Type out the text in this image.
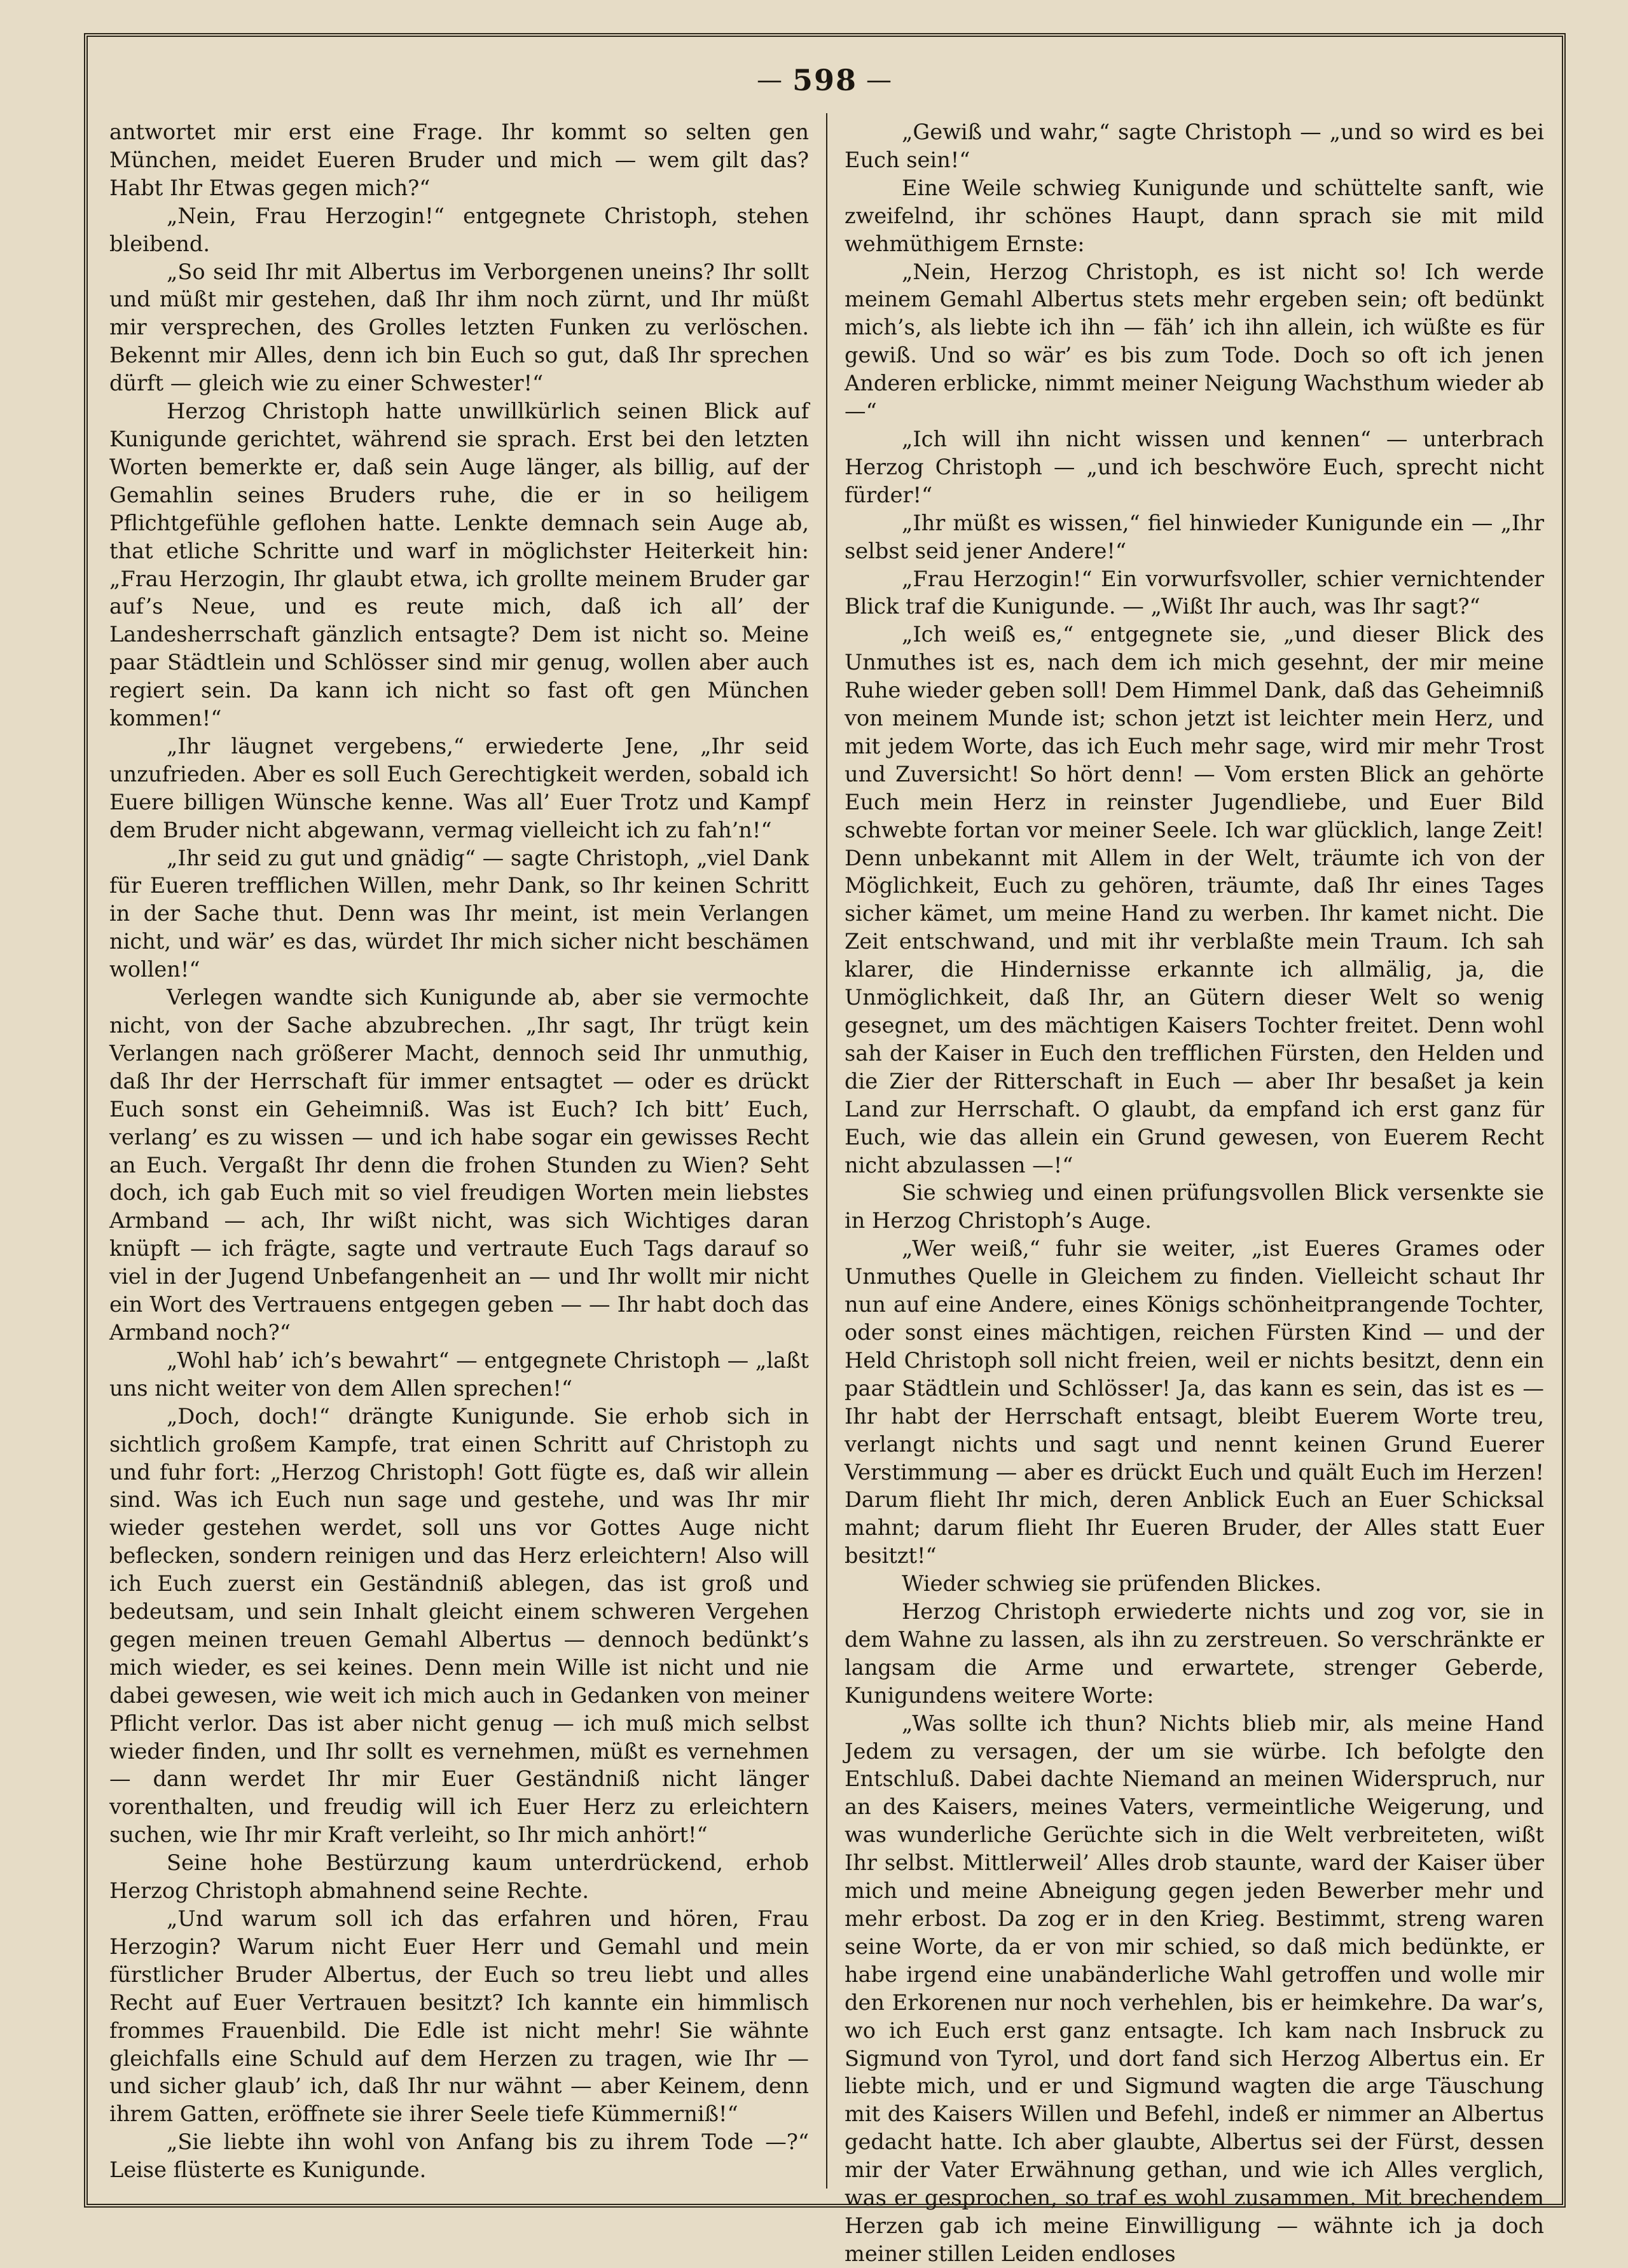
— 598 —

antwortet mir erst eine Frage. Ihr kommt so selten gen München, meidet Eueren Bruder und mich — wem gilt das? Habt Ihr Etwas gegen mich?“

„Nein, Frau Herzogin!“ entgegnete Christoph, stehen bleibend.

„So seid Ihr mit Albertus im Verborgenen uneins? Ihr sollt und müßt mir gestehen, daß Ihr ihm noch zürnt, und Ihr müßt mir versprechen, des Grolles letzten Funken zu verlöschen. Bekennt mir Alles, denn ich bin Euch so gut, daß Ihr sprechen dürft — gleich wie zu einer Schwester!“

Herzog Christoph hatte unwillkürlich seinen Blick auf Kunigunde gerichtet, während sie sprach. Erst bei den letzten Worten bemerkte er, daß sein Auge länger, als billig, auf der Gemahlin seines Bruders ruhe, die er in so heiligem Pflichtgefühle geflohen hatte. Lenkte demnach sein Auge ab, that etliche Schritte und warf in möglichster Heiterkeit hin: „Frau Herzogin, Ihr glaubt etwa, ich grollte meinem Bruder gar auf’s Neue, und es reute mich, daß ich all’ der Landesherrschaft gänzlich entsagte? Dem ist nicht so. Meine paar Städtlein und Schlösser sind mir genug, wollen aber auch regiert sein. Da kann ich nicht so fast oft gen München kommen!“

„Ihr läugnet vergebens,“ erwiederte Jene, „Ihr seid unzufrieden. Aber es soll Euch Gerechtigkeit werden, sobald ich Euere billigen Wünsche kenne. Was all’ Euer Trotz und Kampf dem Bruder nicht abgewann, vermag vielleicht ich zu fah’n!“

„Ihr seid zu gut und gnädig“ — sagte Christoph, „viel Dank für Eueren trefflichen Willen, mehr Dank, so Ihr keinen Schritt in der Sache thut. Denn was Ihr meint, ist mein Verlangen nicht, und wär’ es das, würdet Ihr mich sicher nicht beschämen wollen!“

Verlegen wandte sich Kunigunde ab, aber sie vermochte nicht, von der Sache abzubrechen. „Ihr sagt, Ihr trügt kein Verlangen nach größerer Macht, dennoch seid Ihr unmuthig, daß Ihr der Herrschaft für immer entsagtet — oder es drückt Euch sonst ein Geheimniß. Was ist Euch? Ich bitt’ Euch, verlang’ es zu wissen — und ich habe sogar ein gewisses Recht an Euch. Vergaßt Ihr denn die frohen Stunden zu Wien? Seht doch, ich gab Euch mit so viel freudigen Worten mein liebstes Armband — ach, Ihr wißt nicht, was sich Wichtiges daran knüpft — ich frägte, sagte und vertraute Euch Tags darauf so viel in der Jugend Unbefangenheit an — und Ihr wollt mir nicht ein Wort des Vertrauens entgegen geben — — Ihr habt doch das Armband noch?“

„Wohl hab’ ich’s bewahrt“ — entgegnete Christoph — „laßt uns nicht weiter von dem Allen sprechen!“

„Doch, doch!“ drängte Kunigunde. Sie erhob sich in sichtlich großem Kampfe, trat einen Schritt auf Christoph zu und fuhr fort: „Herzog Christoph! Gott fügte es, daß wir allein sind. Was ich Euch nun sage und gestehe, und was Ihr mir wieder gestehen werdet, soll uns vor Gottes Auge nicht beflecken, sondern reinigen und das Herz erleichtern! Also will ich Euch zuerst ein Geständniß ablegen, das ist groß und bedeutsam, und sein Inhalt gleicht einem schweren Vergehen gegen meinen treuen Gemahl Albertus — dennoch bedünkt’s mich wieder, es sei keines. Denn mein Wille ist nicht und nie dabei gewesen, wie weit ich mich auch in Gedanken von meiner Pflicht verlor. Das ist aber nicht genug — ich muß mich selbst wieder finden, und Ihr sollt es vernehmen, müßt es vernehmen — dann werdet Ihr mir Euer Geständniß nicht länger vorenthalten, und freudig will ich Euer Herz zu erleichtern suchen, wie Ihr mir Kraft verleiht, so Ihr mich anhört!“

Seine hohe Bestürzung kaum unterdrückend, erhob Herzog Christoph abmahnend seine Rechte.

„Und warum soll ich das erfahren und hören, Frau Herzogin? Warum nicht Euer Herr und Gemahl und mein fürstlicher Bruder Albertus, der Euch so treu liebt und alles Recht auf Euer Vertrauen besitzt? Ich kannte ein himmlisch frommes Frauenbild. Die Edle ist nicht mehr! Sie wähnte gleichfalls eine Schuld auf dem Herzen zu tragen, wie Ihr — und sicher glaub’ ich, daß Ihr nur wähnt — aber Keinem, denn ihrem Gatten, eröffnete sie ihrer Seele tiefe Kümmerniß!“

„Sie liebte ihn wohl von Anfang bis zu ihrem Tode —?“ Leise flüsterte es Kunigunde.

„Gewiß und wahr,“ sagte Christoph — „und so wird es bei Euch sein!“

Eine Weile schwieg Kunigunde und schüttelte sanft, wie zweifelnd, ihr schönes Haupt, dann sprach sie mit mild wehmüthigem Ernste:

„Nein, Herzog Christoph, es ist nicht so! Ich werde meinem Gemahl Albertus stets mehr ergeben sein; oft bedünkt mich’s, als liebte ich ihn — fäh’ ich ihn allein, ich wüßte es für gewiß. Und so wär’ es bis zum Tode. Doch so oft ich jenen Anderen erblicke, nimmt meiner Neigung Wachsthum wieder ab —“

„Ich will ihn nicht wissen und kennen“ — unterbrach Herzog Christoph — „und ich beschwöre Euch, sprecht nicht fürder!“

„Ihr müßt es wissen,“ fiel hinwieder Kunigunde ein — „Ihr selbst seid jener Andere!“

„Frau Herzogin!“ Ein vorwurfsvoller, schier vernichtender Blick traf die Kunigunde. — „Wißt Ihr auch, was Ihr sagt?“

„Ich weiß es,“ entgegnete sie, „und dieser Blick des Unmuthes ist es, nach dem ich mich gesehnt, der mir meine Ruhe wieder geben soll! Dem Himmel Dank, daß das Geheimniß von meinem Munde ist; schon jetzt ist leichter mein Herz, und mit jedem Worte, das ich Euch mehr sage, wird mir mehr Trost und Zuversicht! So hört denn! — Vom ersten Blick an gehörte Euch mein Herz in reinster Jugendliebe, und Euer Bild schwebte fortan vor meiner Seele. Ich war glücklich, lange Zeit! Denn unbekannt mit Allem in der Welt, träumte ich von der Möglichkeit, Euch zu gehören, träumte, daß Ihr eines Tages sicher kämet, um meine Hand zu werben. Ihr kamet nicht. Die Zeit entschwand, und mit ihr verblaßte mein Traum. Ich sah klarer, die Hindernisse erkannte ich allmälig, ja, die Unmöglichkeit, daß Ihr, an Gütern dieser Welt so wenig gesegnet, um des mächtigen Kaisers Tochter freitet. Denn wohl sah der Kaiser in Euch den trefflichen Fürsten, den Helden und die Zier der Ritterschaft in Euch — aber Ihr besaßet ja kein Land zur Herrschaft. O glaubt, da empfand ich erst ganz für Euch, wie das allein ein Grund gewesen, von Euerem Recht nicht abzulassen —!“

Sie schwieg und einen prüfungsvollen Blick versenkte sie in Herzog Christoph’s Auge.

„Wer weiß,“ fuhr sie weiter, „ist Eueres Grames oder Unmuthes Quelle in Gleichem zu finden. Vielleicht schaut Ihr nun auf eine Andere, eines Königs schönheitprangende Tochter, oder sonst eines mächtigen, reichen Fürsten Kind — und der Held Christoph soll nicht freien, weil er nichts besitzt, denn ein paar Städtlein und Schlösser! Ja, das kann es sein, das ist es — Ihr habt der Herrschaft entsagt, bleibt Euerem Worte treu, verlangt nichts und sagt und nennt keinen Grund Euerer Verstimmung — aber es drückt Euch und quält Euch im Herzen! Darum flieht Ihr mich, deren Anblick Euch an Euer Schicksal mahnt; darum flieht Ihr Eueren Bruder, der Alles statt Euer besitzt!“

Wieder schwieg sie prüfenden Blickes.

Herzog Christoph erwiederte nichts und zog vor, sie in dem Wahne zu lassen, als ihn zu zerstreuen. So verschränkte er langsam die Arme und erwartete, strenger Geberde, Kunigundens weitere Worte:

„Was sollte ich thun? Nichts blieb mir, als meine Hand Jedem zu versagen, der um sie würbe. Ich befolgte den Entschluß. Dabei dachte Niemand an meinen Widerspruch, nur an des Kaisers, meines Vaters, vermeintliche Weigerung, und was wunderliche Gerüchte sich in die Welt verbreiteten, wißt Ihr selbst. Mittlerweil’ Alles drob staunte, ward der Kaiser über mich und meine Abneigung gegen jeden Bewerber mehr und mehr erbost. Da zog er in den Krieg. Bestimmt, streng waren seine Worte, da er von mir schied, so daß mich bedünkte, er habe irgend eine unabänderliche Wahl getroffen und wolle mir den Erkorenen nur noch verhehlen, bis er heimkehre. Da war’s, wo ich Euch erst ganz entsagte. Ich kam nach Insbruck zu Sigmund von Tyrol, und dort fand sich Herzog Albertus ein. Er liebte mich, und er und Sigmund wagten die arge Täuschung mit des Kaisers Willen und Befehl, indeß er nimmer an Albertus gedacht hatte. Ich aber glaubte, Albertus sei der Fürst, dessen mir der Vater Erwähnung gethan, und wie ich Alles verglich, was er gesprochen, so traf es wohl zusammen. Mit brechendem Herzen gab ich meine Einwilligung — wähnte ich ja doch meiner stillen Leiden endloses
